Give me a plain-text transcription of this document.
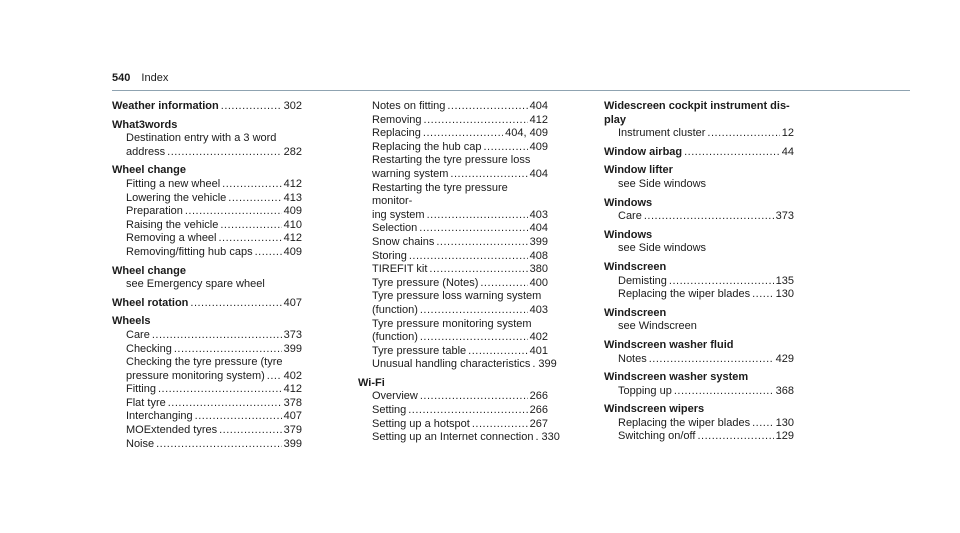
540 Index
Weather information .....	302
What3words
Destination entry with a 3 word
address .....	282
Wheel change
Fitting a new wheel .....	412
Lowering the vehicle .....	413
Preparation .....	409
Raising the vehicle .....	410
Removing a wheel .....	412
Removing/fitting hub caps .....	409
Wheel change
see Emergency spare wheel
Wheel rotation .....	407
Wheels
Care .....	373
Checking .....	399
Checking the tyre pressure (tyre
pressure monitoring system) ..... 402
Fitting .....	412
Flat tyre .....	378
Interchanging .....	407
MOExtended tyres .....	379
Noise .....	399
Notes on fitting .....	404
Removing .....	412
Replacing .....	404, 409
Replacing the hub cap .....	409
Restarting the tyre pressure loss
warning system .....	404
Restarting the tyre pressure monitor-
ing system .....	403
Selection .....	404
Snow chains .....	399
Storing .....	408
TIREFIT kit .....	380
Tyre pressure (Notes) .....	400
Tyre pressure loss warning system
(function) .....	403
Tyre pressure monitoring system
(function) .....	402
Tyre pressure table .....	401
Unusual handling characteristics ..... 399
Wi-Fi
Overview .....	266
Setting .....	266
Setting up a hotspot .....	267
Setting up an Internet connection ..... 330
Widescreen cockpit instrument dis-
play
Instrument cluster .....	12
Window airbag .....	44
Window lifter
see Side windows
Windows
Care .....	373
Windows
see Side windows
Windscreen
Demisting .....	135
Replacing the wiper blades ..... 130
Windscreen
see Windscreen
Windscreen washer fluid
Notes .....	429
Windscreen washer system
Topping up .....	368
Windscreen wipers
Replacing the wiper blades ..... 130
Switching on/off .....	129
